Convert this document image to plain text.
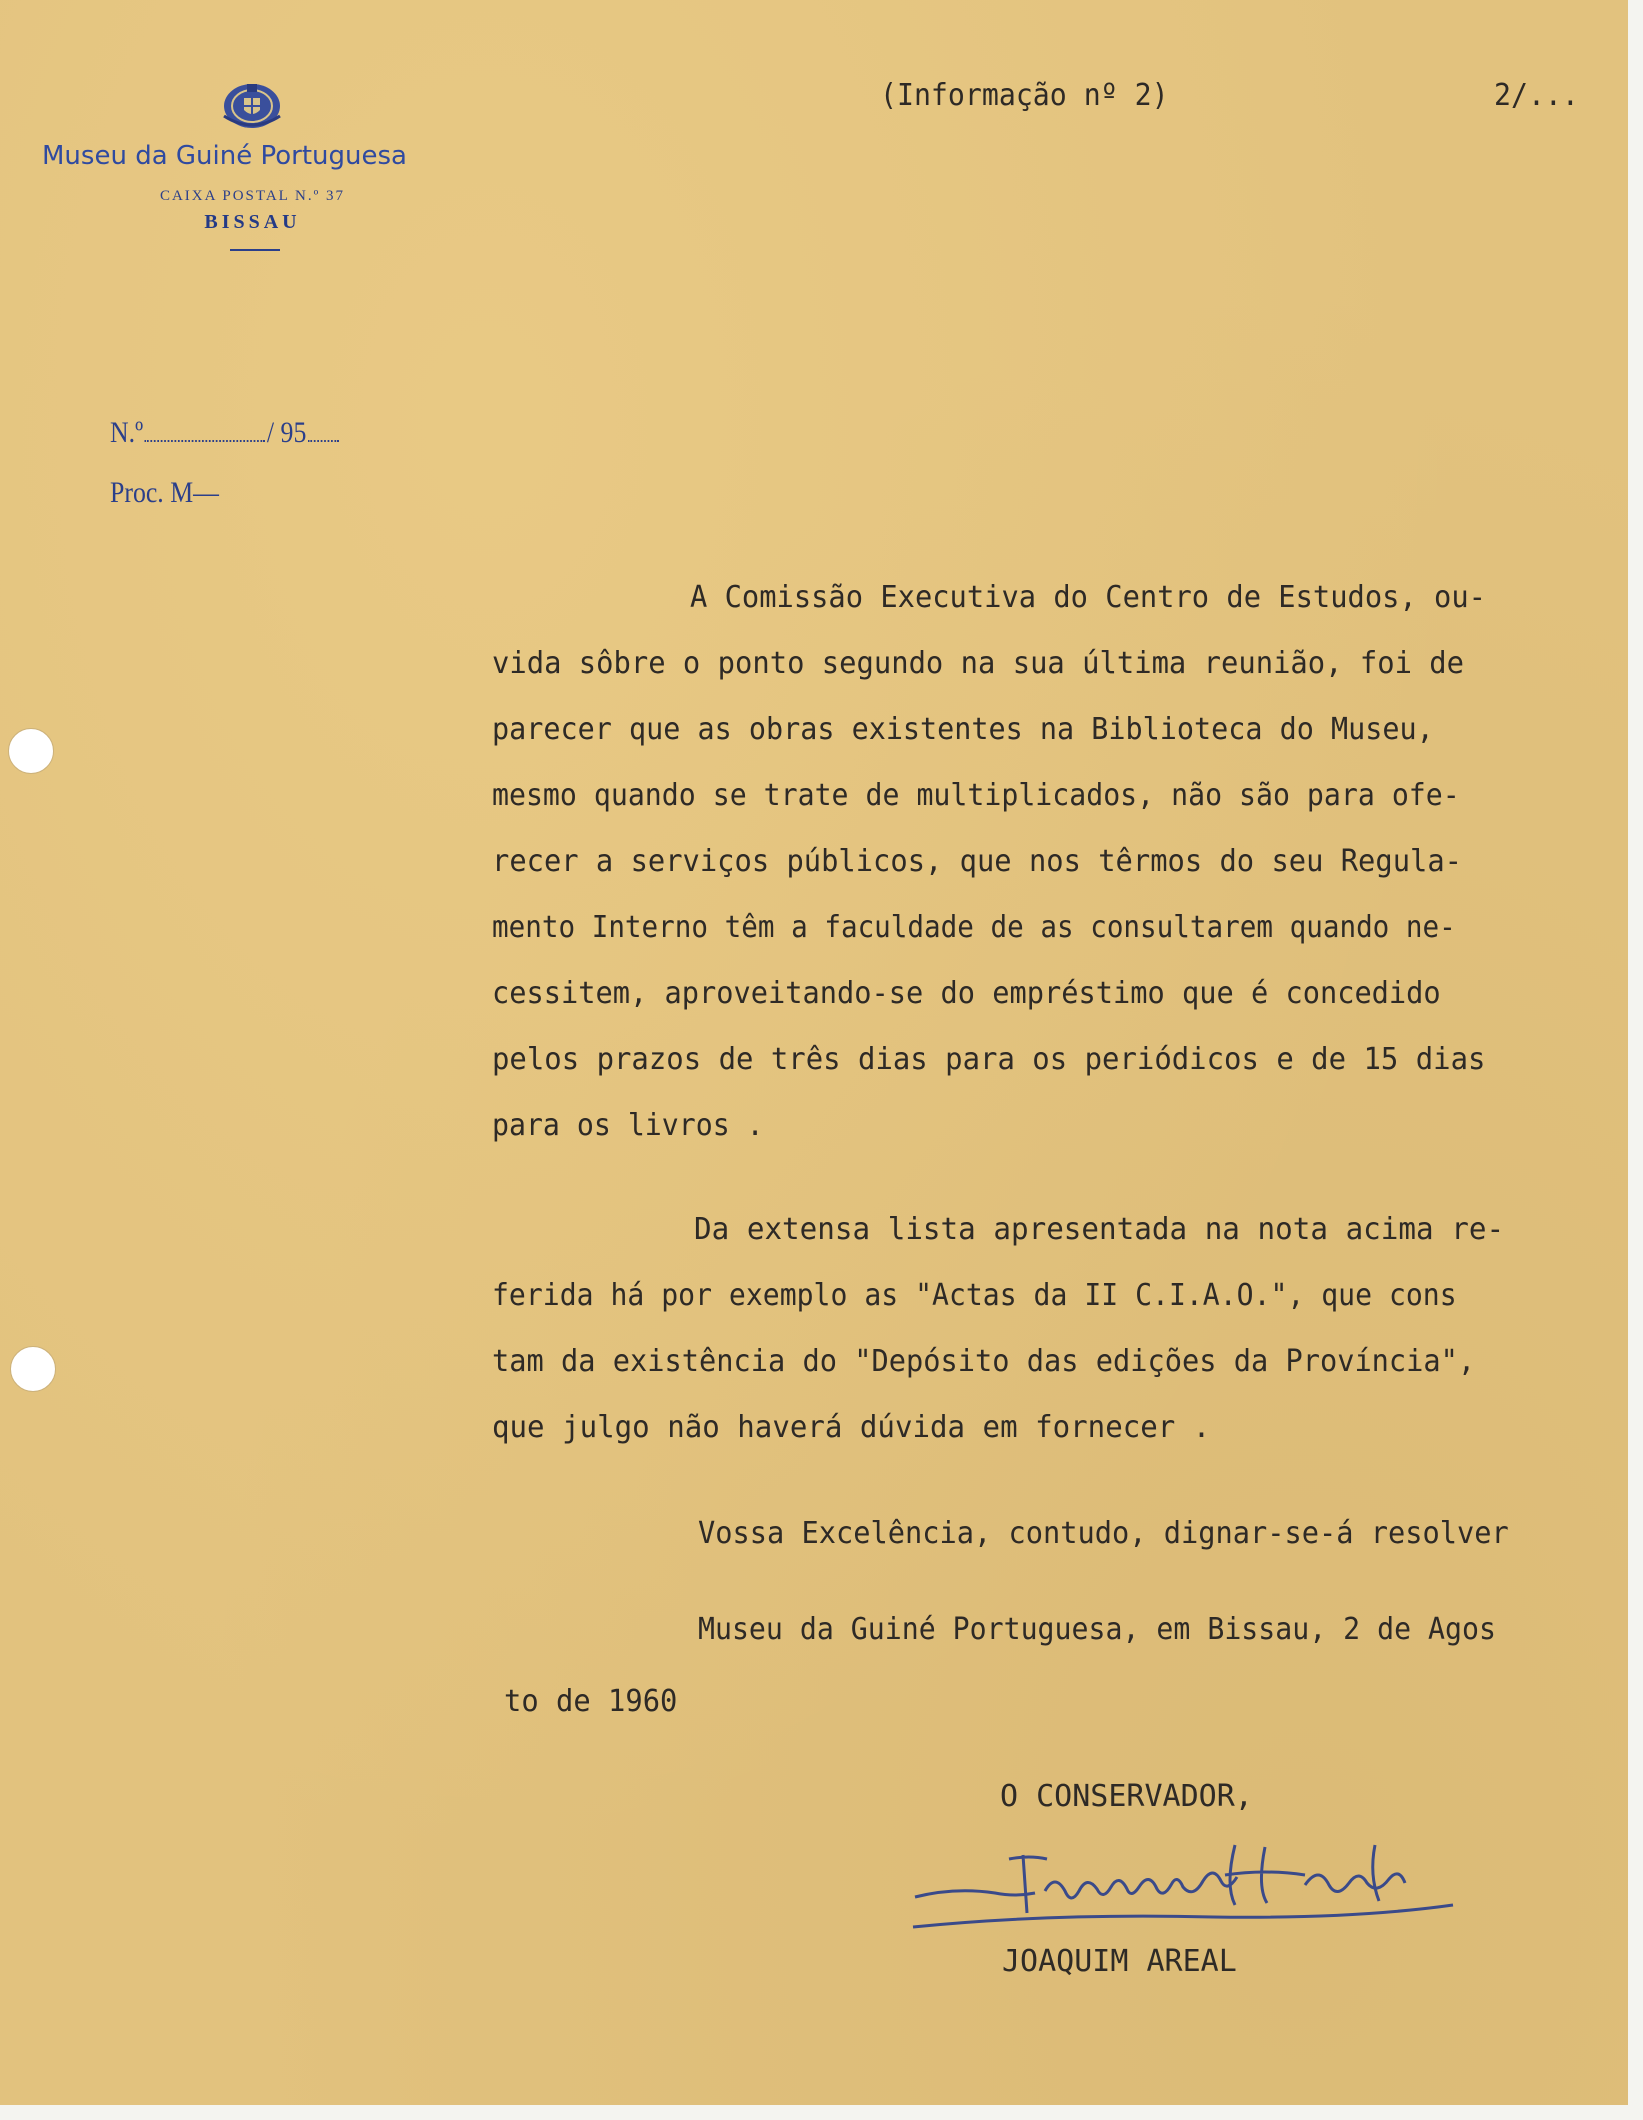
Museu da Guiné Portuguesa
CAIXA POSTAL N.º 37
BISSAU
N.º	/ 95
Proc. M—
(Informação nº 2)	2/...
A Comissão Executiva do Centro de Estudos, ou-
vida sôbre o ponto segundo na sua última reunião, foi de
parecer que as obras existentes na Biblioteca do Museu,
mesmo quando se trate de multiplicados, não são para ofe-
recer a serviços públicos, que nos têrmos do seu Regula-
mento Interno têm a faculdade de as consultarem quando ne-
cessitem, aproveitando-se do empréstimo que é concedido
pelos prazos de três dias para os periódicos e de 15 dias
para os livros .
Da extensa lista apresentada na nota acima re-
ferida há por exemplo as "Actas da II C.I.A.O.", que cons
tam da existência do "Depósito das edições da Província",
que julgo não haverá dúvida em fornecer .
Vossa Excelência, contudo, dignar-se-á resolver
Museu da Guiné Portuguesa, em Bissau, 2 de Agos
to de 1960
O CONSERVADOR,
JOAQUIM AREAL
